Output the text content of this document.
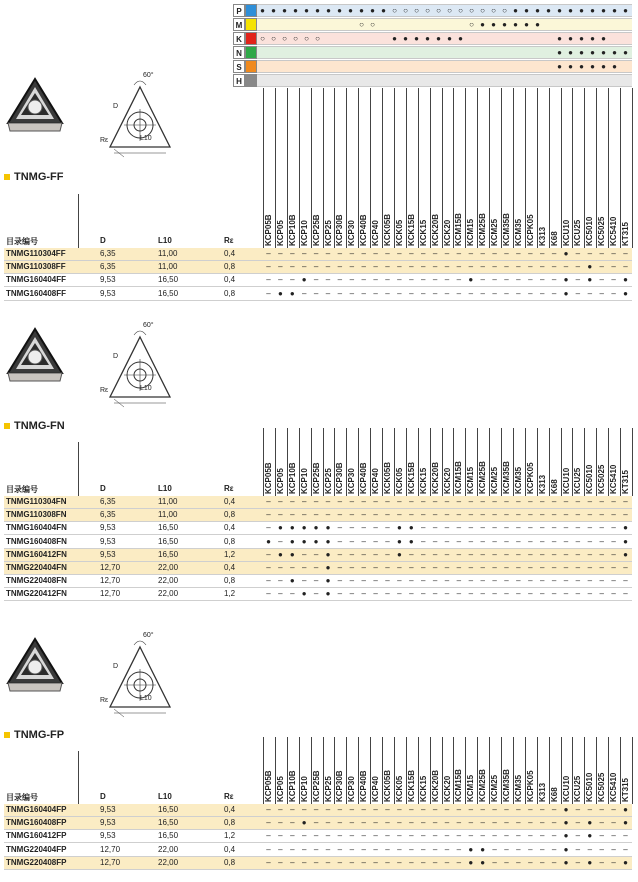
P	● ● ● ● ● ● ● ● ● ● ● ● ○ ○ ○ ○ ○ ○ ○ ○ ○ ○ ○ ● ● ● ● ● ● ● ● ● ● ●
M	○ ○	○ ● ● ● ● ● ●
K	○ ○ ○ ○ ○ ○	● ● ● ● ● ● ●	● ● ● ● ●
N	● ● ● ● ● ● ●
S	● ● ● ● ● ●
H
60°
D
L10
Rε
TNMG-FF
KCP05B KCP05 KCP10B KCP10 KCP25B KCP25 KCP30B KCP30 KCP40B KCP40 KCK05B KCK05 KCK15B KCK15 KCK20B KCK20 KCM15B KCM15 KCM25B KCM25 KCM35B KCM35 KCPK05 K313 K68 KCU10 KCU25 KC5010 KC5025 KC5410 KT315
目录编号	D	L10	Rε
TNMG110304FF	6,35	11,00	0,4	– – – – – – – – – – – – – – – – – – – – – – – – – ● – – – – –
TNMG110308FF	6,35	11,00	0,8	– – – – – – – – – – – – – – – – – – – – – – – – – – – ● – – –
TNMG160404FF	9,53	16,50	0,4	– – – ● – – – – – – – – – – – – – ● – – – – – – – ● – ● – – ●
TNMG160408FF	9,53	16,50	0,8	– ● ● – – – – – – – – – – – – – – – – – – – – – – ● – – – – ●
60°
D
L10
Rε
TNMG-FN
KCP05B KCP05 KCP10B KCP10 KCP25B KCP25 KCP30B KCP30 KCP40B KCP40 KCK05B KCK05 KCK15B KCK15 KCK20B KCK20 KCM15B KCM15 KCM25B KCM25 KCM35B KCM35 KCPK05 K313 K68 KCU10 KCU25 KC5010 KC5025 KC5410 KT315
目录编号	D	L10	Rε
TNMG110304FN	6,35	11,00	0,4	– – – – – – – – – – – – – – – – – – – – – – – – – – – – – – –
TNMG110308FN	6,35	11,00	0,8	– – – – – – – – – – – – – – – – – – – – – – – – – – – – – – –
TNMG160404FN	9,53	16,50	0,4	– ● ● ● ● ● – – – – – ● ● – – – – – – – – – – – – – – – – – ●
TNMG160408FN	9,53	16,50	0,8	● – ● ● ● ● – – – – – ● ● – – – – – – – – – – – – – – – – – ●
TNMG160412FN	9,53	16,50	1,2	– ● ● – – ● – – – – – ● – – – – – – – – – – – – – – – – – – ●
TNMG220404FN	12,70	22,00	0,4	– – – – – ● – – – – – – – – – – – – – – – – – – – – – – – – –
TNMG220408FN	12,70	22,00	0,8	– – ● – – ● – – – – – – – – – – – – – – – – – – – – – – – – –
TNMG220412FN	12,70	22,00	1,2	– – – ● – ● – – – – – – – – – – – – – – – – – – – – – – – – –
60°
D
L10
Rε
TNMG-FP
KCP05B KCP05 KCP10B KCP10 KCP25B KCP25 KCP30B KCP30 KCP40B KCP40 KCK05B KCK05 KCK15B KCK15 KCK20B KCK20 KCM15B KCM15 KCM25B KCM25 KCM35B KCM35 KCPK05 K313 K68 KCU10 KCU25 KC5010 KC5025 KC5410 KT315
目录编号	D	L10	Rε
TNMG160404FP	9,53	16,50	0,4	– – – – – – – – – – – – – – – – – – – – – – – – – ● – – – – ●
TNMG160408FP	9,53	16,50	0,8	– – – ● – – – – – – – – – – – – – – – – – – – – – ● – ● – – ●
TNMG160412FP	9,53	16,50	1,2	– – – – – – – – – – – – – – – – – – – – – – – – – ● – ● – – –
TNMG220404FP	12,70	22,00	0,4	– – – – – – – – – – – – – – – – – ● ● – – – – – – ● – – – – –
TNMG220408FP	12,70	22,00	0,8	– – – – – – – – – – – – – – – – – ● ● – – – – – – ● – ● – – ●
